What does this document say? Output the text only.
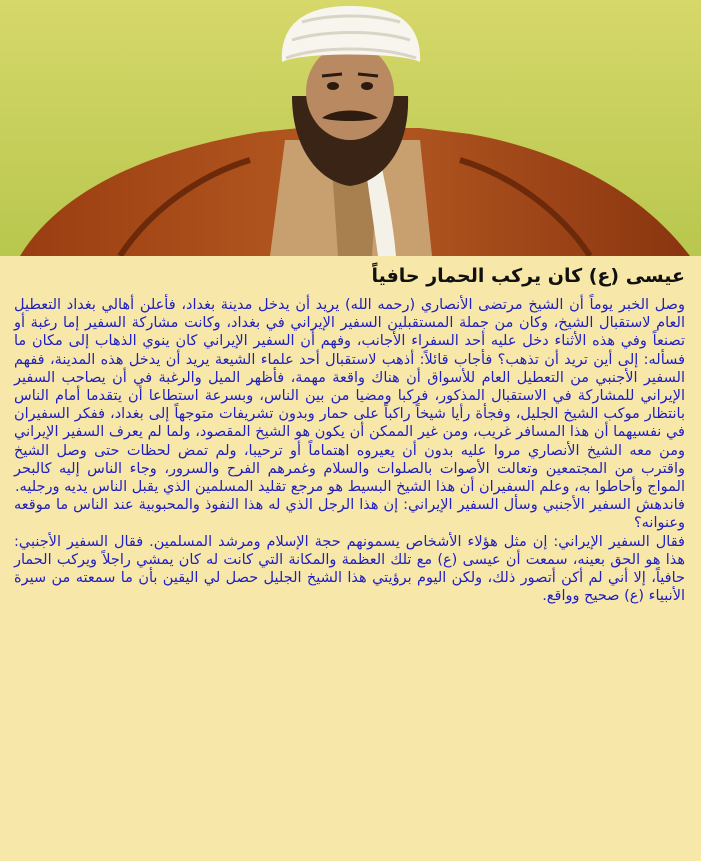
عيسى (ع) كان يركب الحمار حافياً

وصل الخبر يوماً أن الشيخ مرتضى الأنصاري (رحمه الله) يريد أن يدخل مدينة بغداد، فأعلن أهالي بغداد التعطيل العام لاستقبال الشيخ، وكان من جملة المستقبلين السفير الإيراني في بغداد، وكانت مشاركة السفير إما رغبة أو تصنعاً وفي هذه الأثناء دخل عليه أحد السفراء الأجانب، وفهم أن السفير الإيراني كان ينوي الذهاب إلى مكان ما فسأله: إلى أين تريد أن تذهب؟ فأجاب قائلاً: أذهب لاستقبال أحد علماء الشيعة يريد أن يدخل هذه المدينة، ففهم السفير الأجنبي من التعطيل العام للأسواق أن هناك واقعة مهمة، فأظهر الميل والرغبة في أن يصاحب السفير الإيراني للمشاركة في الاستقبال المذكور، فركبا ومضيا من بين الناس، وبسرعة استطاعا أن يتقدما أمام الناس بانتظار موكب الشيخ الجليل، وفجأة رأيا شيخاً راكباً على حمار وبدون تشريفات متوجهاً إلى بغداد، ففكر السفيران في نفسيهما أن هذا المسافر غريب، ومن غير الممكن أن يكون هو الشيخ المقصود، ولما لم يعرف السفير الإيراني ومن معه الشيخ الأنصاري مروا عليه بدون أن يعيروه اهتماماً أو ترحيبا، ولم تمض لحظات حتى وصل الشيخ واقترب من المجتمعين وتعالت الأصوات بالصلوات والسلام وغمرهم الفرح والسرور، وجاء الناس إليه كالبحر المواج وأحاطوا به، وعلم السفيران أن هذا الشيخ البسيط هو مرجع تقليد المسلمين الذي يقبل الناس يديه ورجليه.

فاندهش السفير الأجنبي وسأل السفير الإيراني: إن هذا الرجل الذي له هذا النفوذ والمحبوبية عند الناس ما موقعه وعنوانه؟

فقال السفير الإيراني: إن مثل هؤلاء الأشخاص يسمونهم حجة الإسلام ومرشد المسلمين. فقال السفير الأجنبي: هذا هو الحق بعينه، سمعت أن عيسى (ع) مع تلك العظمة والمكانة التي كانت له كان يمشي راجلاً ويركب الحمار حافياً، إلا أني لم أكن أتصور ذلك، ولكن اليوم برؤيتي هذا الشيخ الجليل حصل لي اليقين بأن ما سمعته من سيرة الأنبياء (ع) صحيح وواقع.
